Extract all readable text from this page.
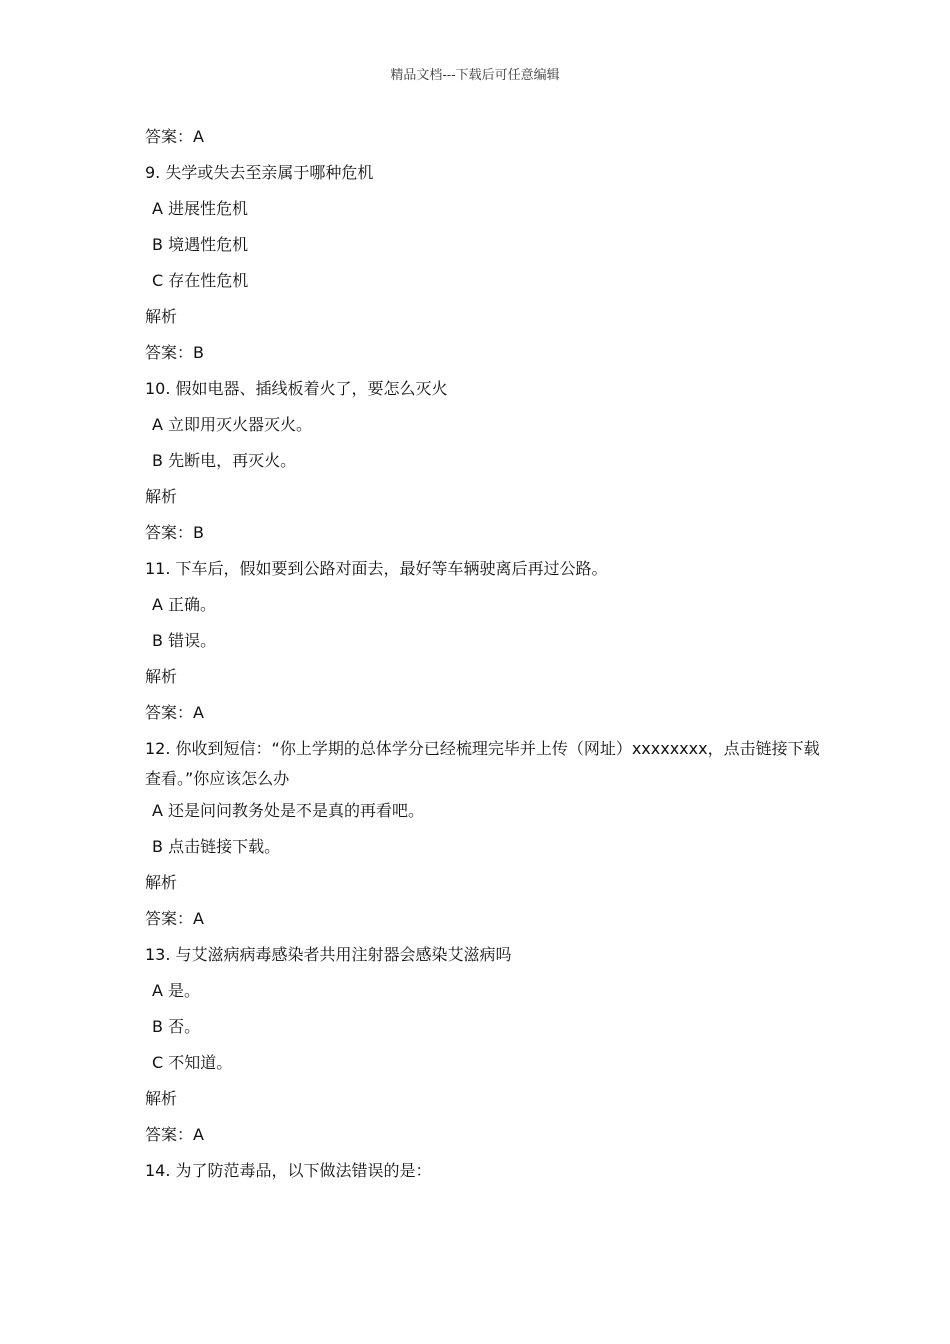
精品文档---下载后可任意编辑
答案：A
9. 失学或失去至亲属于哪种危机
A 进展性危机
B 境遇性危机
C 存在性危机
解析
答案：B
10. 假如电器、插线板着火了，要怎么灭火
A 立即用灭火器灭火。
B 先断电，再灭火。
解析
答案：B
11. 下车后，假如要到公路对面去，最好等车辆驶离后再过公路。
A 正确。
B 错误。
解析
答案：A
12. 你收到短信：“你上学期的总体学分已经梳理完毕并上传（网址）xxxxxxxx，点击链接下载查看。”你应该怎么办
A 还是问问教务处是不是真的再看吧。
B 点击链接下载。
解析
答案：A
13. 与艾滋病病毒感染者共用注射器会感染艾滋病吗
A 是。
B 否。
C 不知道。
解析
答案：A
14. 为了防范毒品，以下做法错误的是：
